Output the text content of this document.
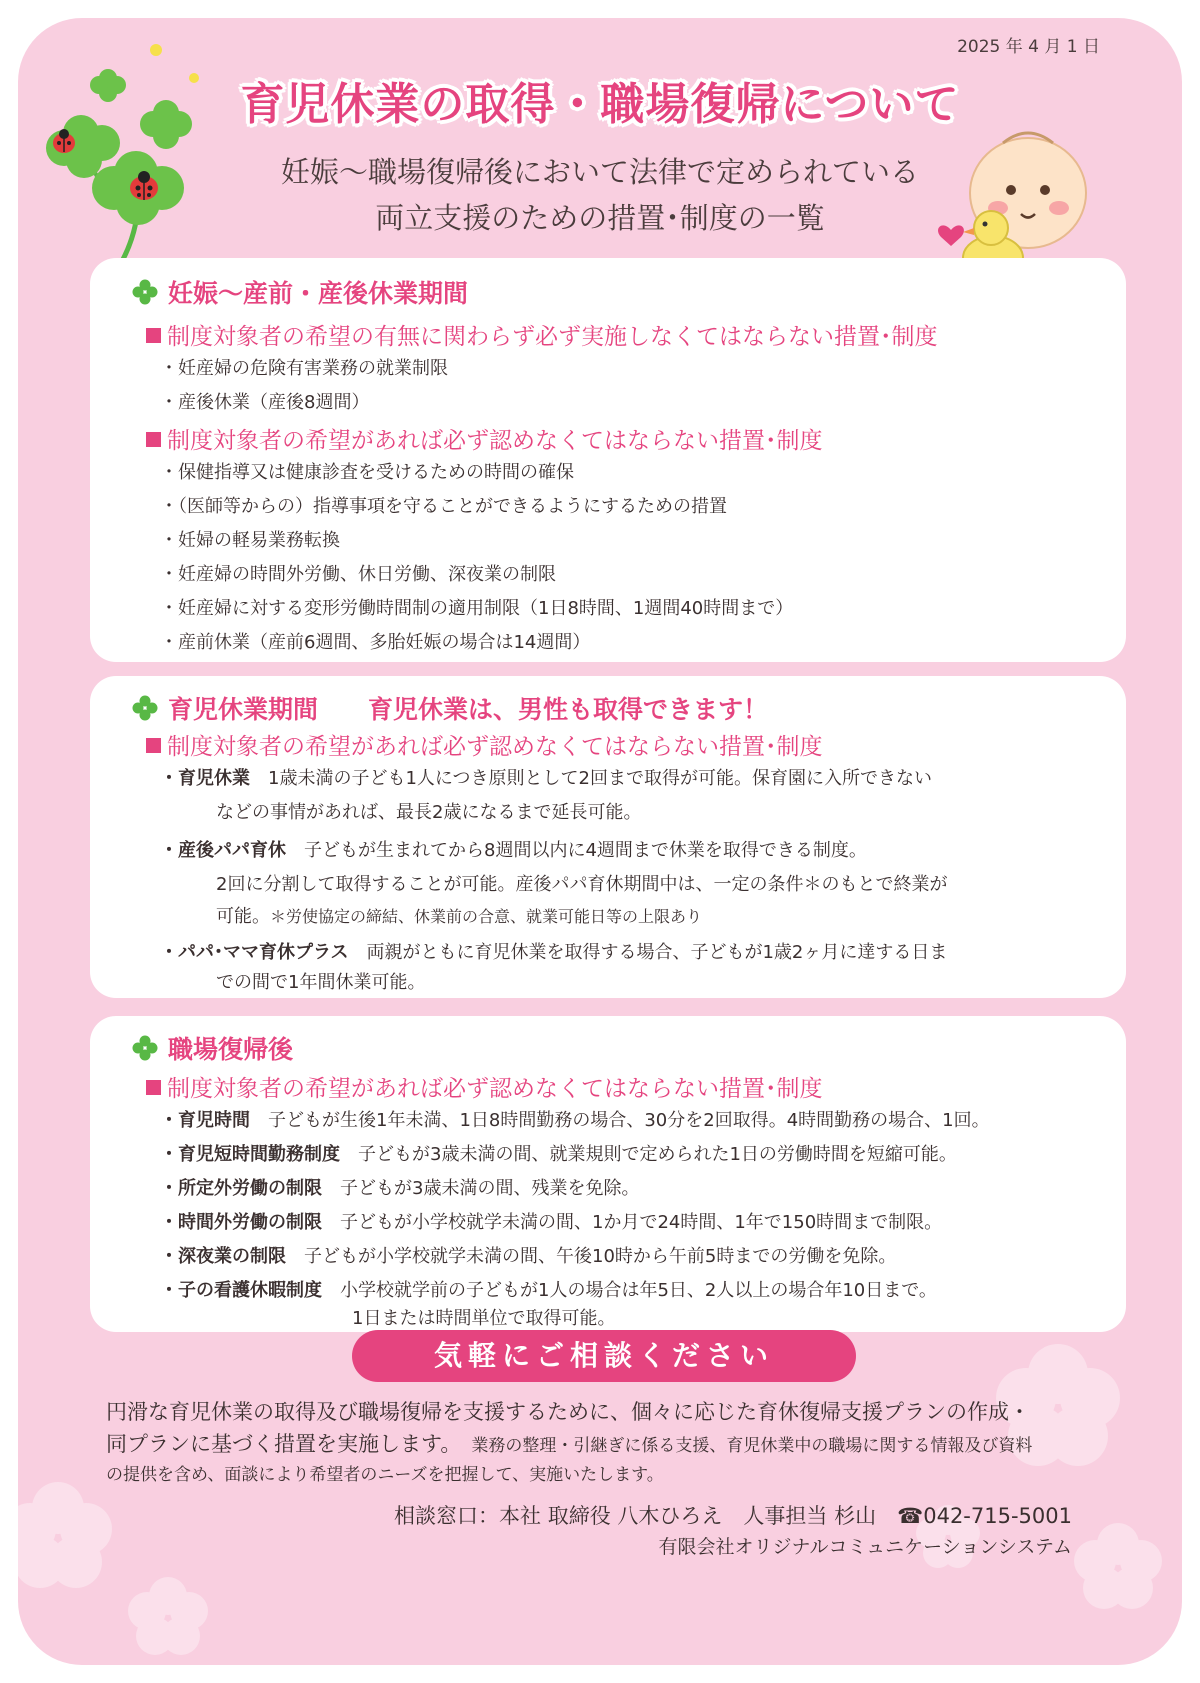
2025 年 4 月 1 日
育児休業の取得・職場復帰について
妊娠～職場復帰後において法律で定められている
両立支援のための措置･制度の一覧
妊娠～産前・産後休業期間
制度対象者の希望の有無に関わらず必ず実施しなくてはならない措置･制度
・妊産婦の危険有害業務の就業制限
・産後休業（産後8週間）
制度対象者の希望があれば必ず認めなくてはならない措置･制度
・保健指導又は健康診査を受けるための時間の確保
・（医師等からの）指導事項を守ることができるようにするための措置
・妊婦の軽易業務転換
・妊産婦の時間外労働、休日労働、深夜業の制限
・妊産婦に対する変形労働時間制の適用制限（1日8時間、1週間40時間まで）
・産前休業（産前6週間、多胎妊娠の場合は14週間）
育児休業期間 育児休業は、男性も取得できます！
制度対象者の希望があれば必ず認めなくてはならない措置･制度
・育児休業　 1歳未満の子ども1人につき原則として2回まで取得が可能。保育園に入所できない
などの事情があれば、最長2歳になるまで延長可能。
・産後パパ育休　 子どもが生まれてから8週間以内に4週間まで休業を取得できる制度。
2回に分割して取得することが可能。産後パパ育休期間中は、一定の条件＊のもとで終業が
可能。＊労使協定の締結、休業前の合意、就業可能日等の上限あり
・パパ･ママ育休プラス　 両親がともに育児休業を取得する場合、子どもが1歳2ヶ月に達する日ま
での間で1年間休業可能。
職場復帰後
制度対象者の希望があれば必ず認めなくてはならない措置･制度
・育児時間　 子どもが生後1年未満、1日8時間勤務の場合、30分を2回取得。4時間勤務の場合、1回。
・育児短時間勤務制度　 子どもが3歳未満の間、就業規則で定められた1日の労働時間を短縮可能。
・所定外労働の制限　 子どもが3歳未満の間、残業を免除。
・時間外労働の制限　 子どもが小学校就学未満の間、1か月で24時間、1年で150時間まで制限。
・深夜業の制限　 子どもが小学校就学未満の間、午後10時から午前5時までの労働を免除。
・子の看護休暇制度　 小学校就学前の子どもが1人の場合は年5日、2人以上の場合年10日まで。
1日または時間単位で取得可能。
気軽にご相談ください
円滑な育児休業の取得及び職場復帰を支援するために、個々に応じた育休復帰支援プランの作成・
同プランに基づく措置を実施します。 業務の整理・引継ぎに係る支援、育児休業中の職場に関する情報及び資料
の提供を含め、面談により希望者のニーズを把握して、実施いたします。
相談窓口：本社 取締役 八木ひろえ　人事担当 杉山　☎042-715-5001
有限会社オリジナルコミュニケーションシステム
